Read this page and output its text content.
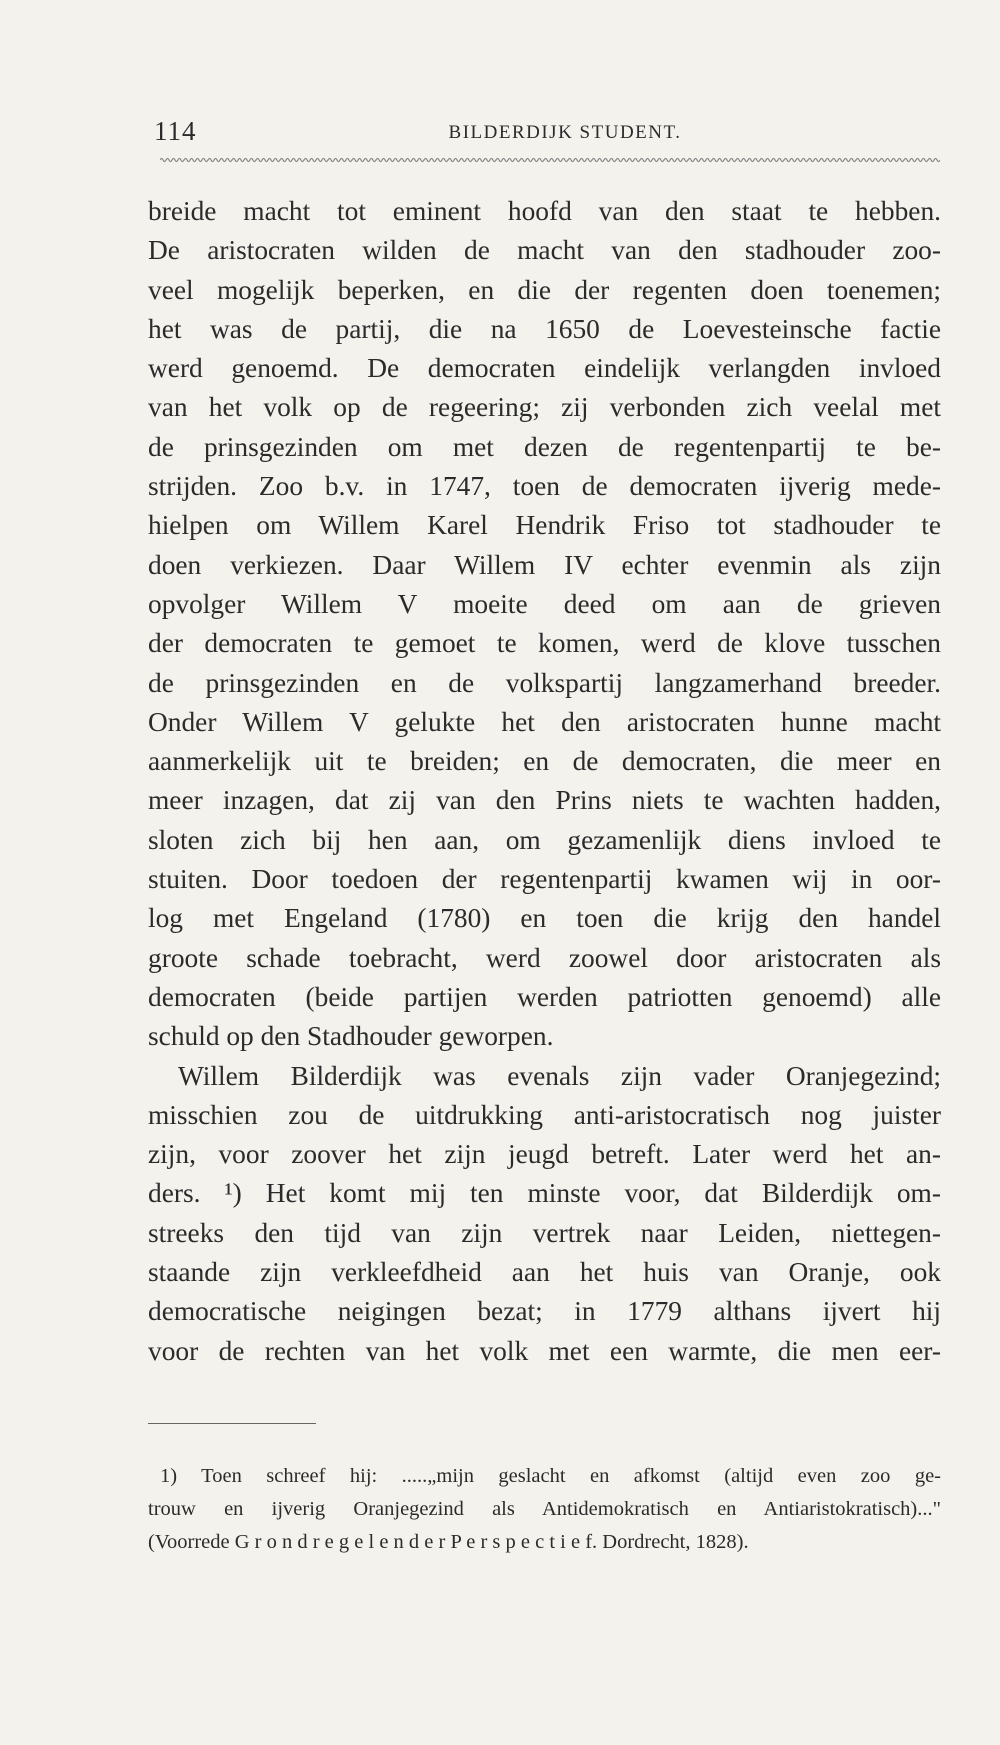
114	BILDERDIJK STUDENT.
breide macht tot eminent hoofd van den staat te hebben.
De aristocraten wilden de macht van den stadhouder zoo-
veel mogelijk beperken, en die der regenten doen toenemen;
het was de partij, die na 1650 de Loevesteinsche factie
werd genoemd. De democraten eindelijk verlangden invloed
van het volk op de regeering; zij verbonden zich veelal met
de prinsgezinden om met dezen de regentenpartij te be-
strijden. Zoo b.v. in 1747, toen de democraten ijverig mede-
hielpen om Willem Karel Hendrik Friso tot stadhouder te
doen verkiezen. Daar Willem IV echter evenmin als zijn
opvolger Willem V moeite deed om aan de grieven
der democraten te gemoet te komen, werd de klove tusschen
de prinsgezinden en de volkspartij langzamerhand breeder.
Onder Willem V gelukte het den aristocraten hunne macht
aanmerkelijk uit te breiden; en de democraten, die meer en
meer inzagen, dat zij van den Prins niets te wachten hadden,
sloten zich bij hen aan, om gezamenlijk diens invloed te
stuiten. Door toedoen der regentenpartij kwamen wij in oor-
log met Engeland (1780) en toen die krijg den handel
groote schade toebracht, werd zoowel door aristocraten als
democraten (beide partijen werden patriotten genoemd) alle
schuld op den Stadhouder geworpen.
Willem Bilderdijk was evenals zijn vader Oranjegezind;
misschien zou de uitdrukking anti-aristocratisch nog juister
zijn, voor zoover het zijn jeugd betreft. Later werd het an-
ders. ¹) Het komt mij ten minste voor, dat Bilderdijk om-
streeks den tijd van zijn vertrek naar Leiden, niettegen-
staande zijn verkleefdheid aan het huis van Oranje, ook
democratische neigingen bezat; in 1779 althans ijvert hij
voor de rechten van het volk met een warmte, die men eer-
1) Toen schreef hij: .....„mijn geslacht en afkomst (altijd even zoo ge-
trouw en ijverig Oranjegezind als Antidemokratisch en Antiaristokratisch)..."
(Voorrede G r o n d r e g e l e n d e r P e r s p e c t i e f. Dordrecht, 1828).
